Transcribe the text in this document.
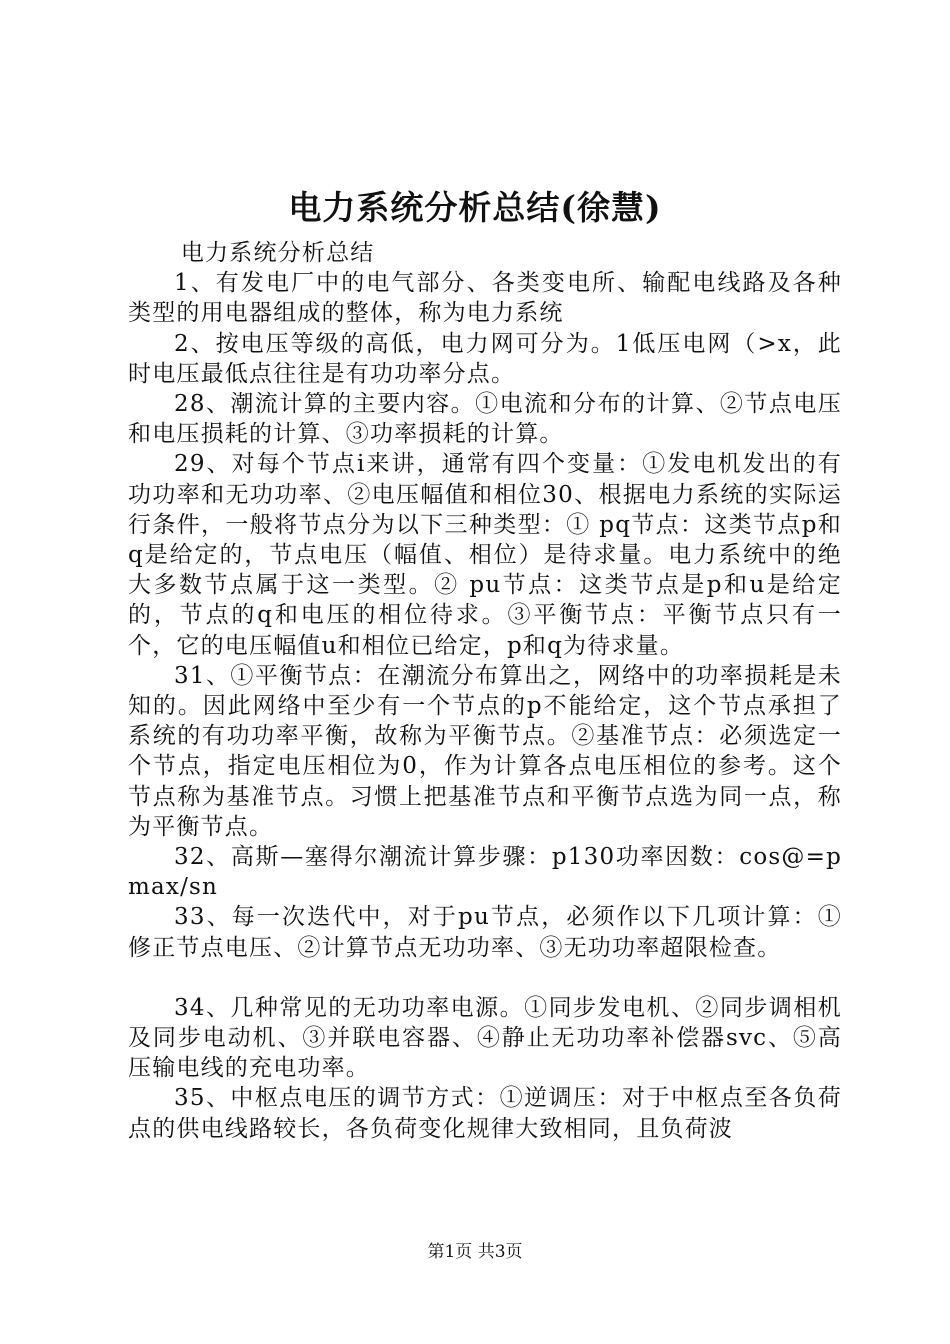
电力系统分析总结(徐慧)

电力系统分析总结

1、有发电厂中的电气部分、各类变电所、输配电线路及各种类型的用电器组成的整体，称为电力系统

2、按电压等级的高低，电力网可分为。1低压电网（>x，此时电压最低点往往是有功功率分点。

28、潮流计算的主要内容。①电流和分布的计算、②节点电压和电压损耗的计算、③功率损耗的计算。

29、对每个节点i来讲，通常有四个变量：①发电机发出的有功功率和无功功率、②电压幅值和相位30、根据电力系统的实际运行条件，一般将节点分为以下三种类型：① pq节点：这类节点p和q是给定的，节点电压（幅值、相位）是待求量。电力系统中的绝大多数节点属于这一类型。② pu节点：这类节点是p和u是给定的，节点的q和电压的相位待求。③平衡节点：平衡节点只有一个，它的电压幅值u和相位已给定，p和q为待求量。

31、①平衡节点：在潮流分布算出之，网络中的功率损耗是未知的。因此网络中至少有一个节点的p不能给定，这个节点承担了系统的有功功率平衡，故称为平衡节点。②基准节点：必须选定一个节点，指定电压相位为0，作为计算各点电压相位的参考。这个节点称为基准节点。习惯上把基准节点和平衡节点选为同一点，称为平衡节点。

32、高斯—塞得尔潮流计算步骤：p130功率因数：cos@=pmax/sn

33、每一次迭代中，对于pu节点，必须作以下几项计算：①修正节点电压、②计算节点无功功率、③无功功率超限检查。

34、几种常见的无功功率电源。①同步发电机、②同步调相机及同步电动机、③并联电容器、④静止无功功率补偿器svc、⑤高压输电线的充电功率。

35、中枢点电压的调节方式：①逆调压：对于中枢点至各负荷点的供电线路较长，各负荷变化规律大致相同，且负荷波

第1页 共3页
